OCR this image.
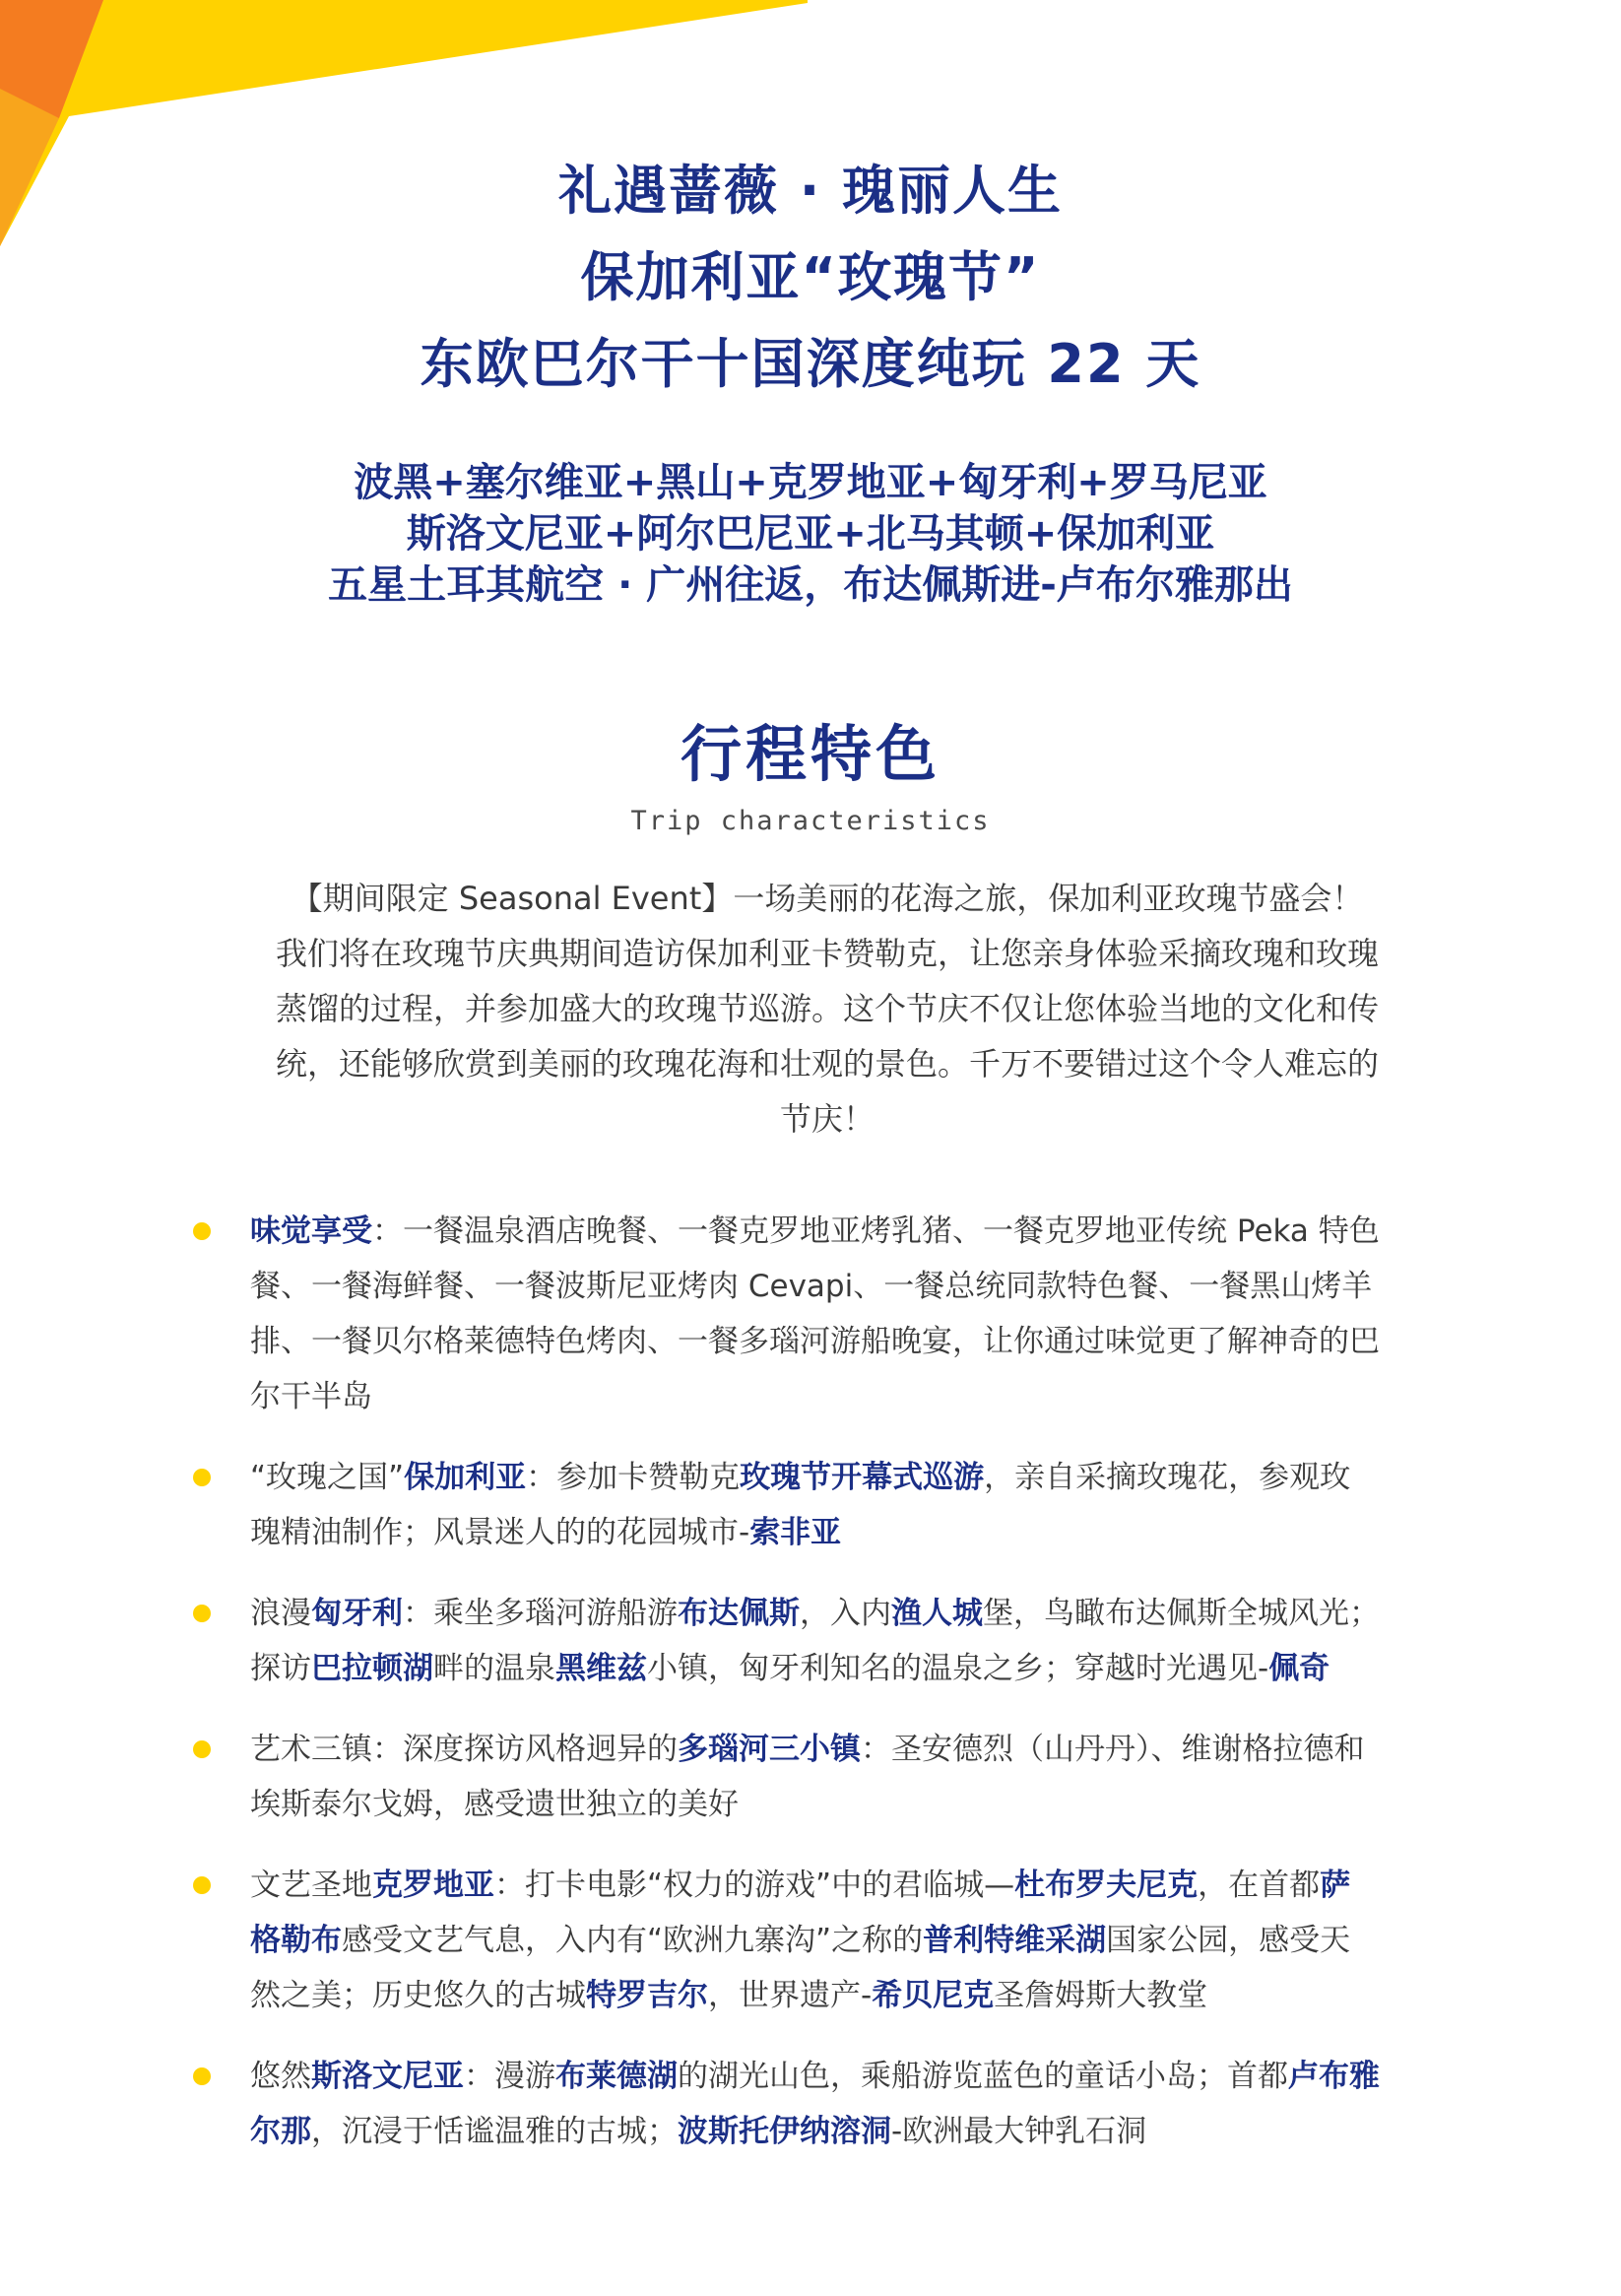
礼遇蔷薇 · 瑰丽人生
保加利亚“玫瑰节”
东欧巴尔干十国深度纯玩 22 天
波黑+塞尔维亚+黑山+克罗地亚+匈牙利+罗马尼亚
斯洛文尼亚+阿尔巴尼亚+北马其顿+保加利亚
五星土耳其航空 · 广州往返，布达佩斯进-卢布尔雅那出
行程特色
Trip characteristics
【期间限定 Seasonal Event】一场美丽的花海之旅，保加利亚玫瑰节盛会！
我们将在玫瑰节庆典期间造访保加利亚卡赞勒克，让您亲身体验采摘玫瑰和玫瑰
蒸馏的过程，并参加盛大的玫瑰节巡游。这个节庆不仅让您体验当地的文化和传
统，还能够欣赏到美丽的玫瑰花海和壮观的景色。千万不要错过这个令人难忘的
节庆！
味觉享受：一餐温泉酒店晚餐、一餐克罗地亚烤乳猪、一餐克罗地亚传统 Peka 特色
餐、一餐海鲜餐、一餐波斯尼亚烤肉 Cevapi、一餐总统同款特色餐、一餐黑山烤羊
排、一餐贝尔格莱德特色烤肉、一餐多瑙河游船晚宴，让你通过味觉更了解神奇的巴
尔干半岛
“玫瑰之国”保加利亚：参加卡赞勒克玫瑰节开幕式巡游，亲自采摘玫瑰花，参观玫
瑰精油制作；风景迷人的的花园城市-索非亚
浪漫匈牙利：乘坐多瑙河游船游布达佩斯，入内渔人城堡，鸟瞰布达佩斯全城风光；
探访巴拉顿湖畔的温泉黑维兹小镇，匈牙利知名的温泉之乡；穿越时光遇见-佩奇
艺术三镇：深度探访风格迥异的多瑙河三小镇：圣安德烈（山丹丹）、维谢格拉德和
埃斯泰尔戈姆，感受遗世独立的美好
文艺圣地克罗地亚：打卡电影“权力的游戏”中的君临城—杜布罗夫尼克，在首都萨
格勒布感受文艺气息，入内有“欧洲九寨沟”之称的普利特维采湖国家公园，感受天
然之美；历史悠久的古城特罗吉尔，世界遗产-希贝尼克圣詹姆斯大教堂
悠然斯洛文尼亚：漫游布莱德湖的湖光山色，乘船游览蓝色的童话小岛；首都卢布雅
尔那，沉浸于恬谧温雅的古城；波斯托伊纳溶洞-欧洲最大钟乳石洞
